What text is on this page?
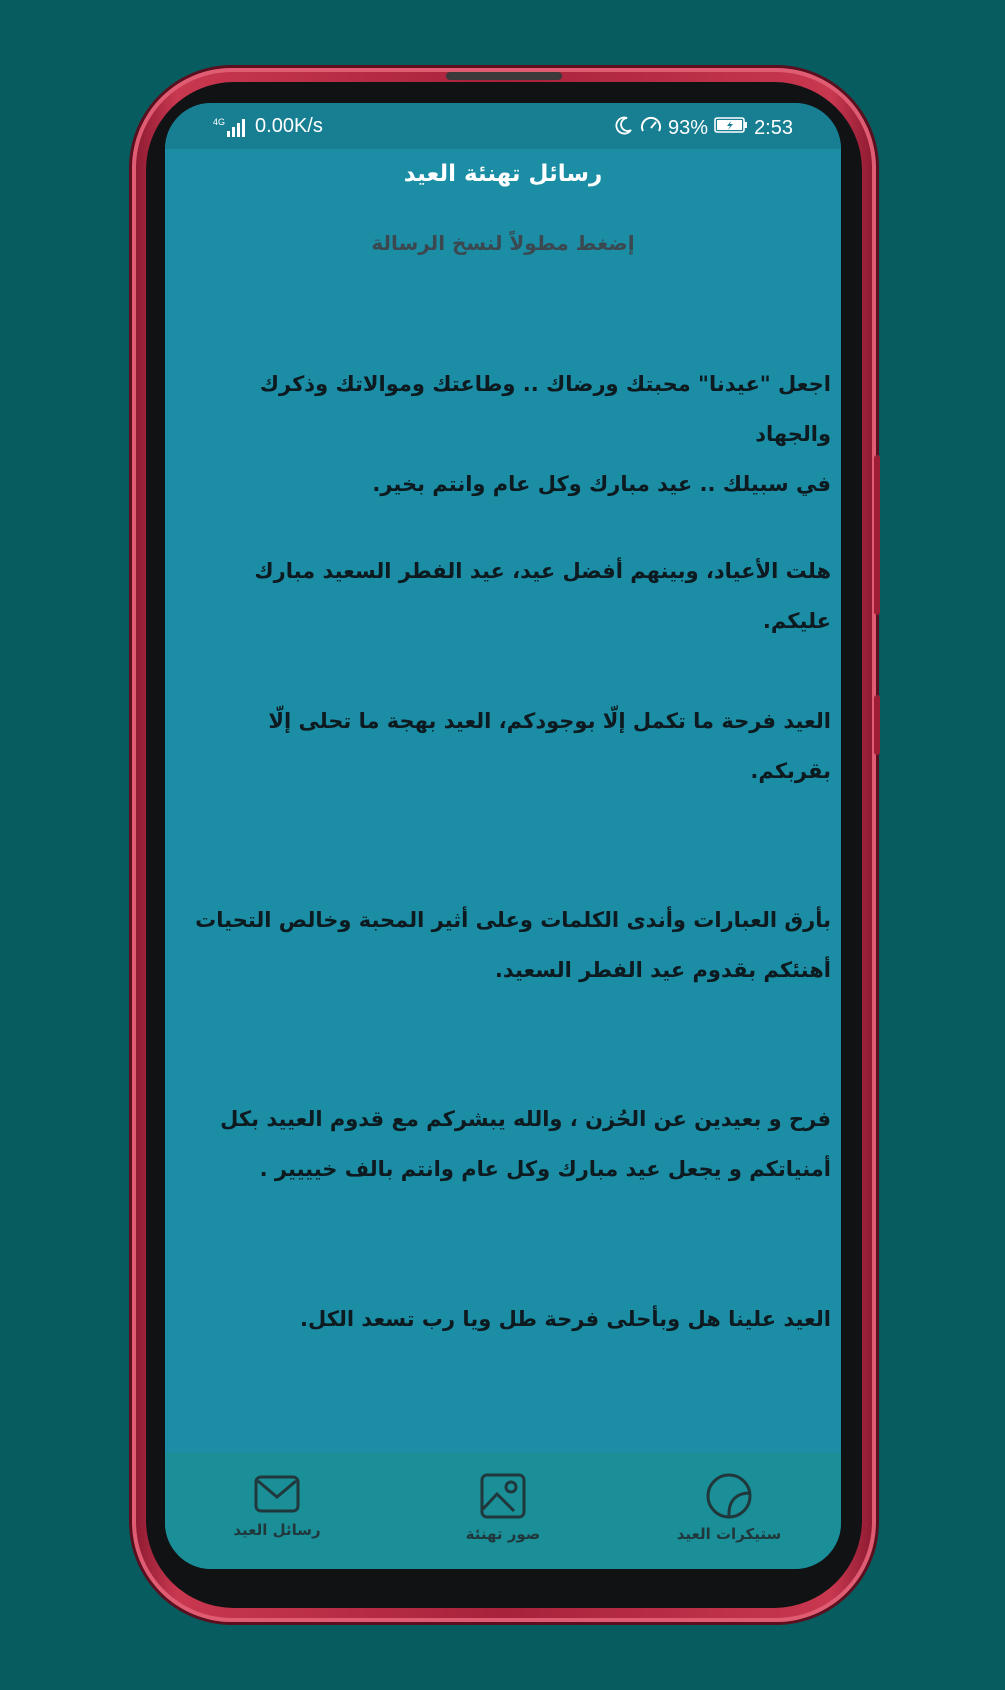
4G 0.00K/s	93% 2:53
رسائل تهنئة العيد
إضغط مطولاً لنسخ الرسالة
اجعل "عيدنا" محبتك ورضاك .. وطاعتك وموالاتك وذكرك والجهاد
في سبيلك .. عيد مبارك وكل عام وانتم بخير.
هلت الأعياد، وبينهم أفضل عيد، عيد الفطر السعيد مبارك عليكم.
العيد فرحة ما تكمل إلّا بوجودكم، العيد بهجة ما تحلى إلّا
بقربكم.
بأرق العبارات وأندى الكلمات وعلى أثير المحبة وخالص التحيات
أهنئكم بقدوم عيد الفطر السعيد.
فرح و بعيدين عن الحُزن ، والله يبشركم مع قدوم العييد بكل
أمنياتكم و يجعل عيد مبارك وكل عام وانتم بالف خيييير .
العيد علينا هل وبأحلى فرحة طل ويا رب تسعد الكل.
رسائل العيد	صور تهنئة	ستيكرات العيد
